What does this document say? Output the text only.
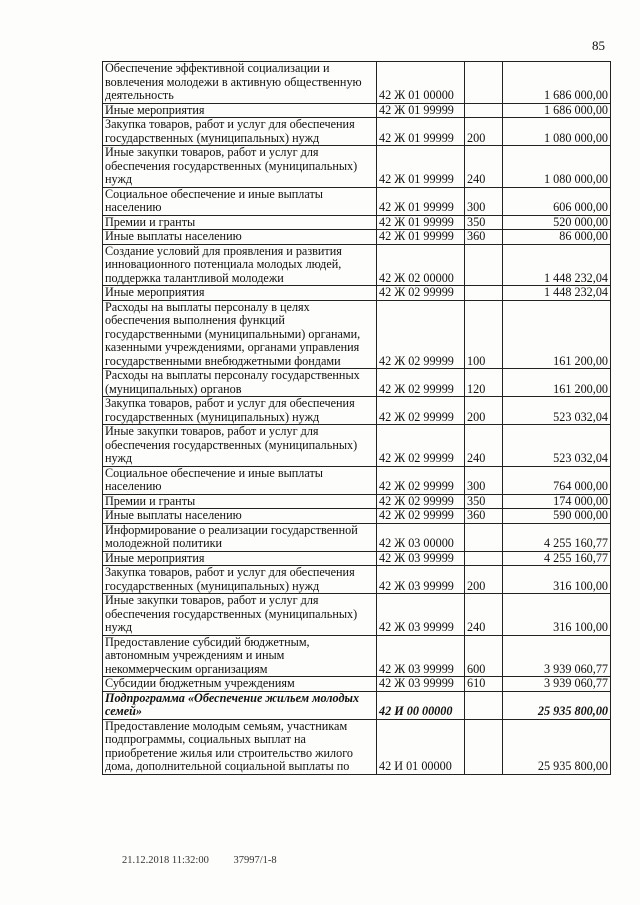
85
Обеспечение эффективной социализации и вовлечения молодежи в активную общественную деятельность	42 Ж 01 00000		1 686 000,00
Иные мероприятия	42 Ж 01 99999		1 686 000,00
Закупка товаров, работ и услуг для обеспечения государственных (муниципальных) нужд	42 Ж 01 99999	200	1 080 000,00
Иные закупки товаров, работ и услуг для обеспечения государственных (муниципальных) нужд	42 Ж 01 99999	240	1 080 000,00
Социальное обеспечение и иные выплаты населению	42 Ж 01 99999	300	606 000,00
Премии и гранты	42 Ж 01 99999	350	520 000,00
Иные выплаты населению	42 Ж 01 99999	360	86 000,00
Создание условий для проявления и развития инновационного потенциала молодых людей, поддержка талантливой молодежи	42 Ж 02 00000		1 448 232,04
Иные мероприятия	42 Ж 02 99999		1 448 232,04
Расходы на выплаты персоналу в целях обеспечения выполнения функций государственными (муниципальными) органами, казенными учреждениями, органами управления государственными внебюджетными фондами	42 Ж 02 99999	100	161 200,00
Расходы на выплаты персоналу государственных (муниципальных) органов	42 Ж 02 99999	120	161 200,00
Закупка товаров, работ и услуг для обеспечения государственных (муниципальных) нужд	42 Ж 02 99999	200	523 032,04
Иные закупки товаров, работ и услуг для обеспечения государственных (муниципальных) нужд	42 Ж 02 99999	240	523 032,04
Социальное обеспечение и иные выплаты населению	42 Ж 02 99999	300	764 000,00
Премии и гранты	42 Ж 02 99999	350	174 000,00
Иные выплаты населению	42 Ж 02 99999	360	590 000,00
Информирование о реализации государственной молодежной политики	42 Ж 03 00000		4 255 160,77
Иные мероприятия	42 Ж 03 99999		4 255 160,77
Закупка товаров, работ и услуг для обеспечения государственных (муниципальных) нужд	42 Ж 03 99999	200	316 100,00
Иные закупки товаров, работ и услуг для обеспечения государственных (муниципальных) нужд	42 Ж 03 99999	240	316 100,00
Предоставление субсидий бюджетным, автономным учреждениям и иным некоммерческим организациям	42 Ж 03 99999	600	3 939 060,77
Субсидии бюджетным учреждениям	42 Ж 03 99999	610	3 939 060,77
Подпрограмма «Обеспечение жильем молодых семей»	42 И 00 00000		25 935 800,00
Предоставление молодым семьям, участникам подпрограммы, социальных выплат на приобретение жилья или строительство жилого дома, дополнительной социальной выплаты по	42 И 01 00000		25 935 800,00
21.12.2018 11:32:00 37997/1-8
